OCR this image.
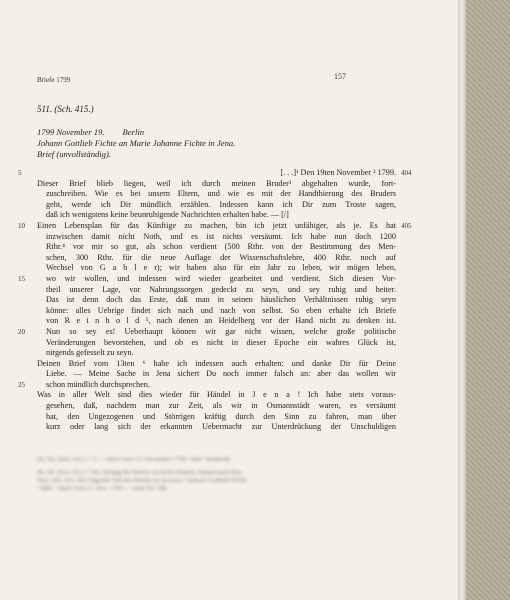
Briefe 1799	157
511. (Sch. 415.)
1799 November 19. Berlin
Johann Gottlieb Fichte an Marie Johanne Fichte in Jena.
Brief (unvollständig).
5
10
15
20
25
404
405
[. . .]¹ Den 19ten November ² 1799.
Dieser Brief blieb liegen, weil ich durch meinen Bruder³ abgehalten wurde, fort-
zuschreiben. Wie es bei unsern Eltern, und wie es mit der Handthierung des Bruders
geht, werde ich Dir mündlich erzählen. Indessen kann ich Dir zum Troste sagen,
daß ich wenigstens keine beunruhigende Nachrichten erhalten habe. — [/]
Einen Lebensplan für das Künftige zu machen, bin ich jetzt unfähiger, als je. Es hat
inzwischen damit nicht Noth, und es ist nichts versäumt. Ich habe nun doch 1200
Rthr.⁴ vor mir so gut, als schon verdient (500 Rthr. von der Bestimmung des Men-
schen, 300 Rthr. für die neue Auflage der Wissenschaftslehre, 400 Rthr. noch auf
Wechsel von G a b l e r); wir haben also für ein Jahr zu leben, wir mögen leben,
wo wir wollen, und indessen wird wieder gearbeitet und verdient. Sich diesen Vor-
theil unserer Lage, vor Nahrungssorgen gedeckt zu seyn, und sey ruhig und heiter.
Das ist denn doch das Erste, daß man in seinen häuslichen Verhältnissen ruhig seyn
könne: alles Uebrige findet sich nach und nach von selbst. So eben erhalte ich Briefe
von R e i n h o l d ⁵, nach denen an Heidelberg vor der Hand nicht zu denken ist.
Nun so sey es! Ueberhaupt können wir gar nicht wissen, welche große politische
Veränderungen bevorstehen, und ob es nicht in dieser Epoche ein wahres Glück ist,
nirgends gefesselt zu seyn.
Deinen Brief vom 13ten ⁶ habe ich indessen auch erhalten: und danke Dir für Deine
Liebe. — Meine Sache in Jena sichert Du noch immer falsch an: aber das wollen wir
schon mündlich durchsprechen.
Was in aller Welt sind dies wieder für Händel in J e n a ! Ich habe stets voraus-
gesehen, daß, nachdem man zur Zeit, als wir in Osmannstädt waren, es versäumt
hat, den Ungezogenen und Störrigen kräftig durch den Sinn zu fahren, man über
kurz oder lang sich der erkannten Uebermacht zur Unterdrückung der Unschuldigen
Hs. SS. (Sch. 415.) ¹ ² 1 — Brief vom 13. November 1799 ⁴ 400 ⁵ Reinhold
Sh. SS. (Sch. 415.) ¹ Der Anfang des Briefes ist nicht erhalten; Datum nach dem
Text, Sch. 415. Der folgende Teil des Briefes ist zu lesen ³ Samuel Gotthelf Fichte
⁴ Rthr. ⁶ Brief vom 13. Nov. 1799 — siehe Nr. 508.
